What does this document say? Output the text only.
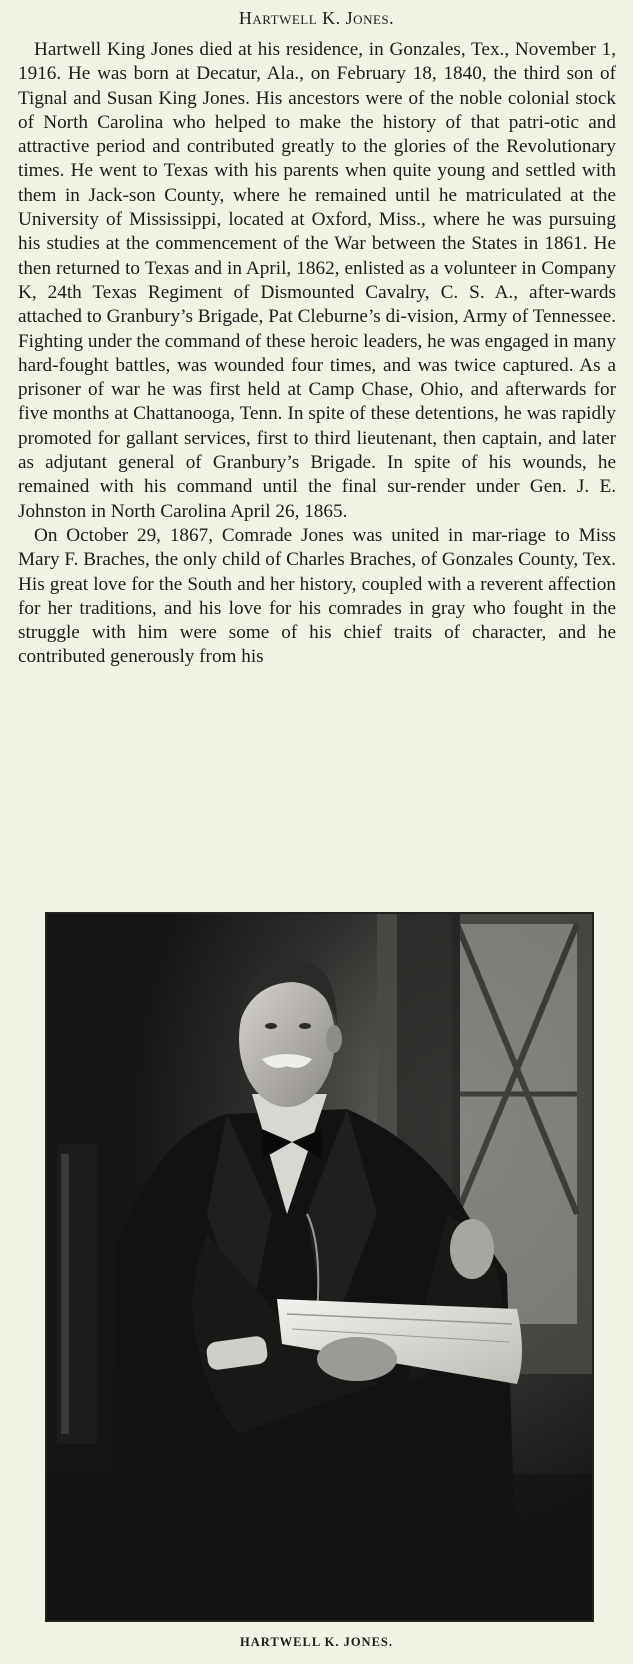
Hartwell K. Jones.

Hartwell King Jones died at his residence, in Gonzales, Tex., November 1, 1916. He was born at Decatur, Ala., on February 18, 1840, the third son of Tignal and Susan King Jones. His ancestors were of the noble colonial stock of North Carolina who helped to make the history of that patri-otic and attractive period and contributed greatly to the glories of the Revolutionary times. He went to Texas with his parents when quite young and settled with them in Jack-son County, where he remained until he matriculated at the University of Mississippi, located at Oxford, Miss., where he was pursuing his studies at the commencement of the War between the States in 1861. He then returned to Texas and in April, 1862, enlisted as a volunteer in Company K, 24th Texas Regiment of Dismounted Cavalry, C. S. A., after-wards attached to Granbury’s Brigade, Pat Cleburne’s di-vision, Army of Tennessee. Fighting under the command of these heroic leaders, he was engaged in many hard-fought battles, was wounded four times, and was twice captured. As a prisoner of war he was first held at Camp Chase, Ohio, and afterwards for five months at Chattanooga, Tenn. In spite of these detentions, he was rapidly promoted for gallant services, first to third lieutenant, then captain, and later as adjutant general of Granbury’s Brigade. In spite of his wounds, he remained with his command until the final sur-render under Gen. J. E. Johnston in North Carolina April 26, 1865.

On October 29, 1867, Comrade Jones was united in mar-riage to Miss Mary F. Braches, the only child of Charles Braches, of Gonzales County, Tex. His great love for the South and her history, coupled with a reverent affection for her traditions, and his love for his comrades in gray who fought in the struggle with him were some of his chief traits of character, and he contributed generously from his

HARTWELL K. JONES.
